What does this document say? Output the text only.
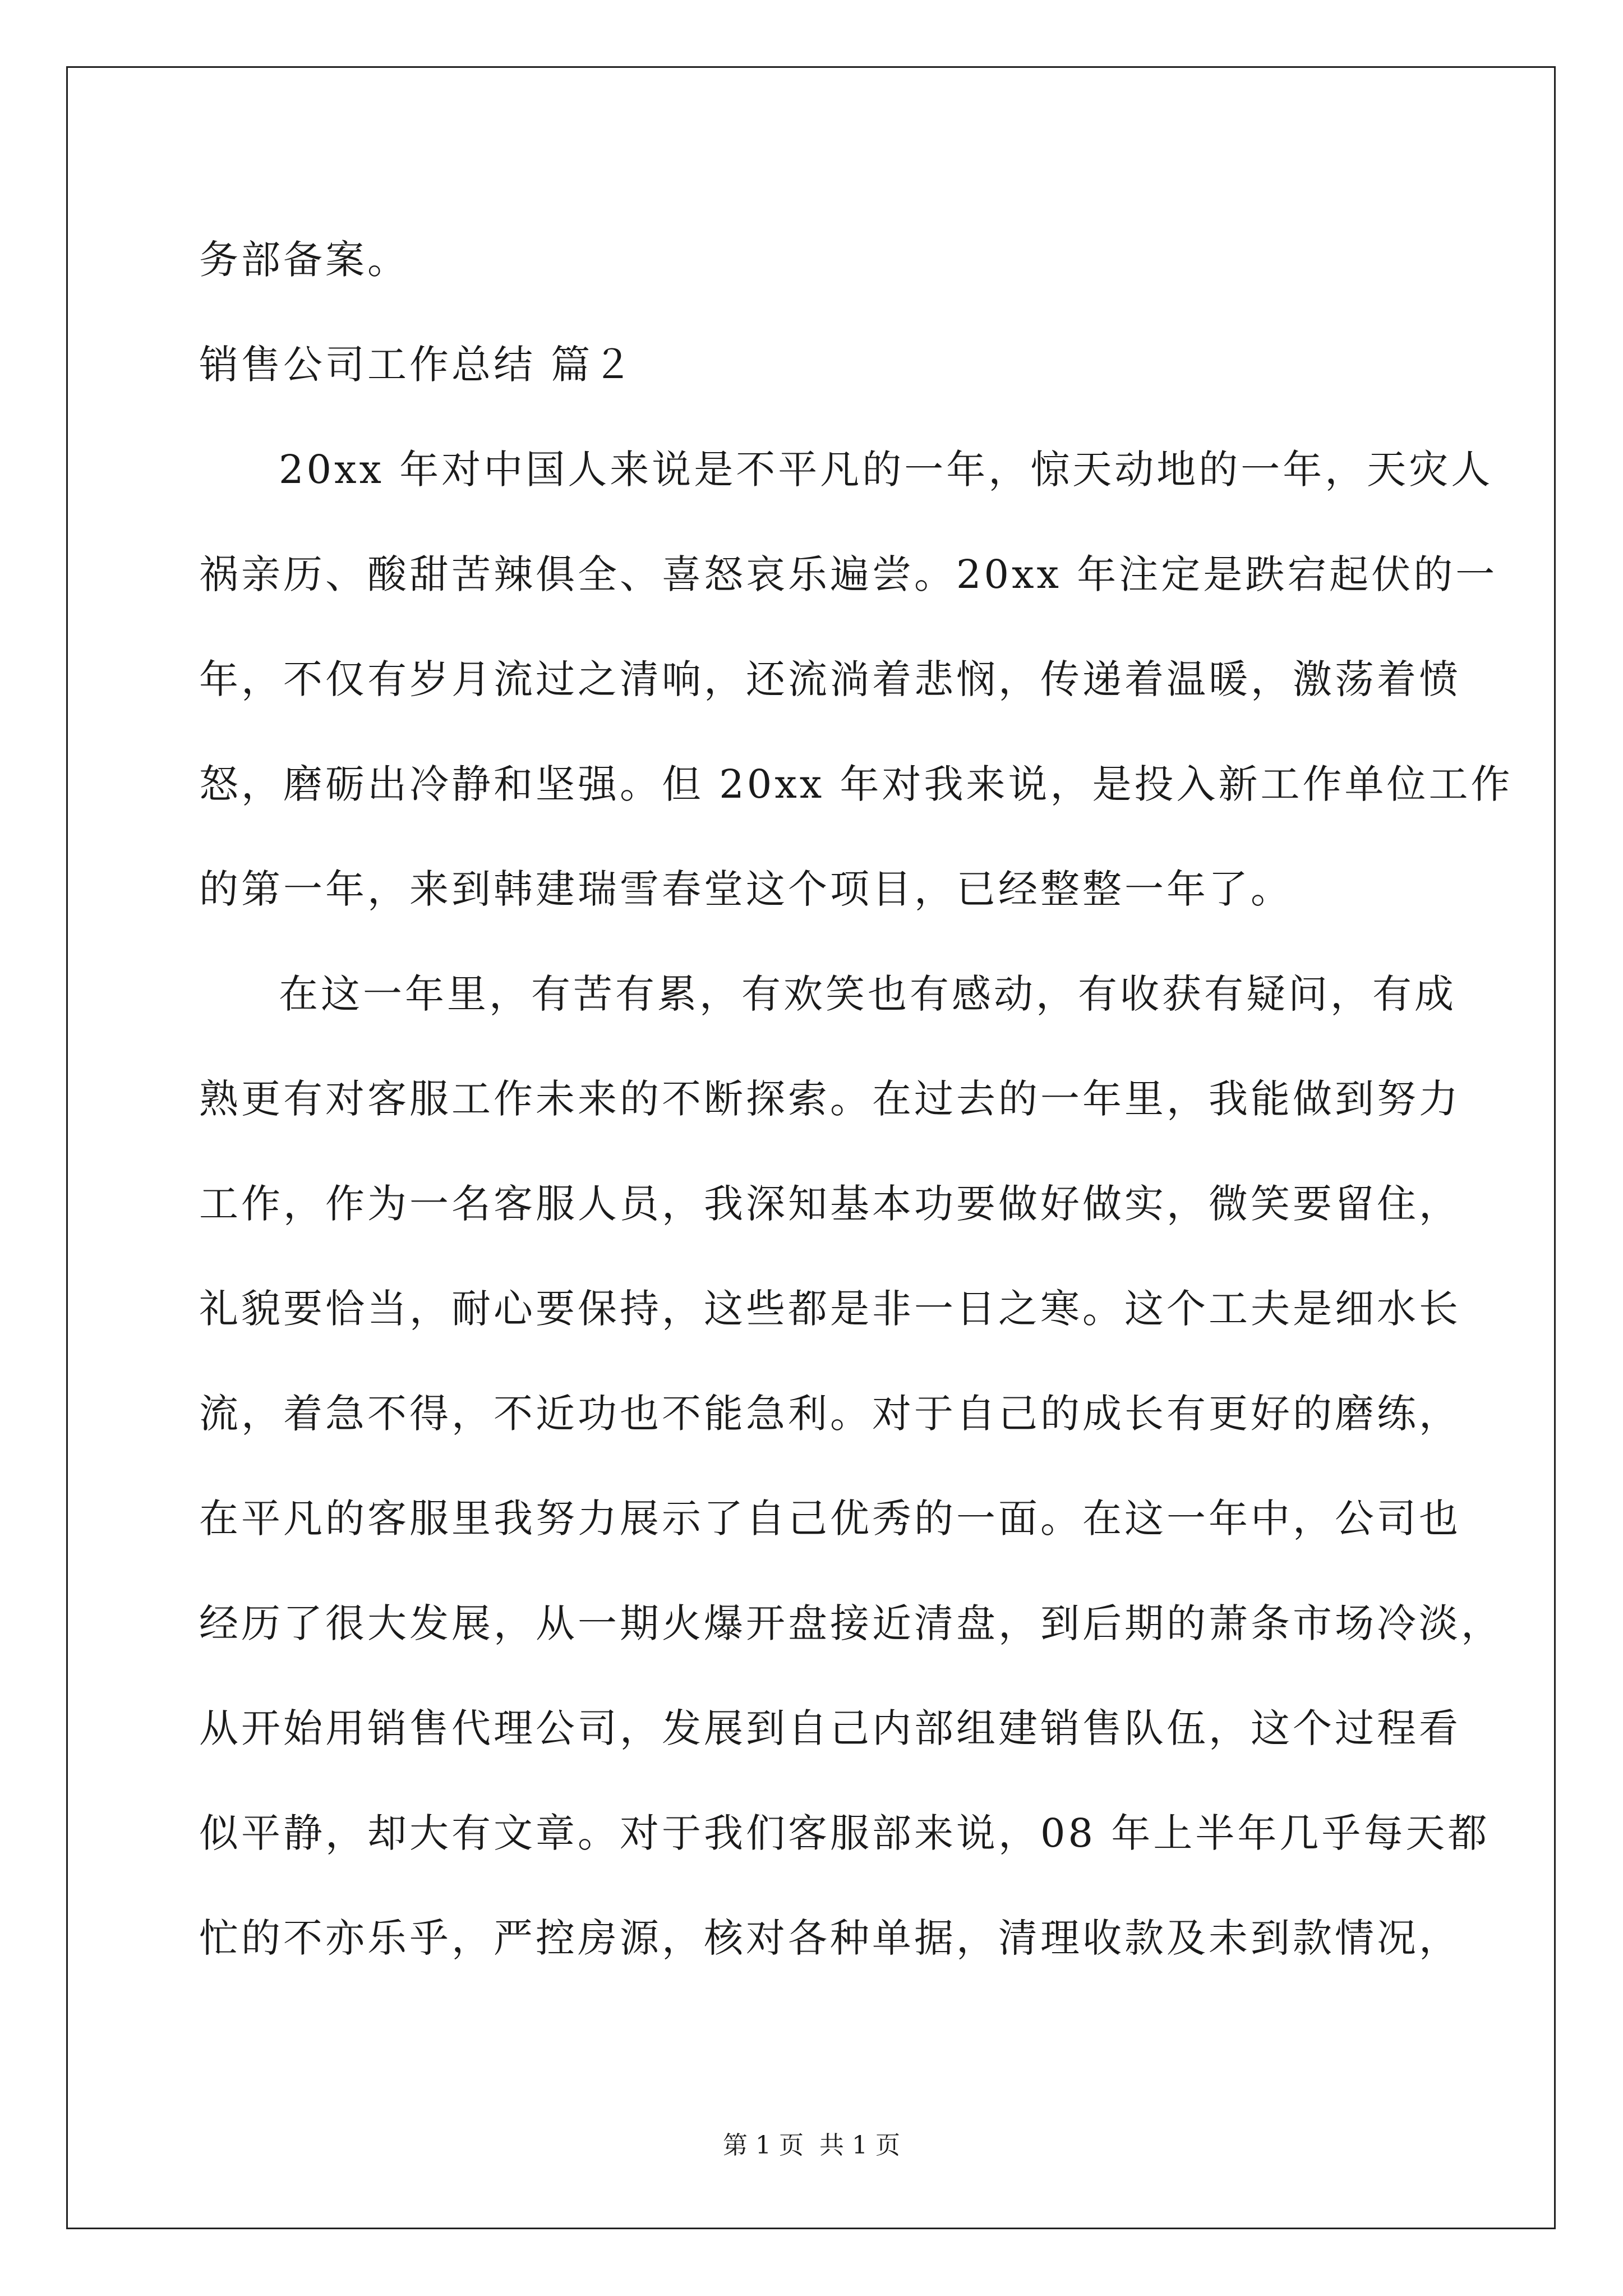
务部备案。
销售公司工作总结 篇２
20xx 年对中国人来说是不平凡的一年，惊天动地的一年，天灾人
祸亲历、酸甜苦辣俱全、喜怒哀乐遍尝。20xx 年注定是跌宕起伏的一
年，不仅有岁月流过之清响，还流淌着悲悯，传递着温暖，激荡着愤
怒，磨砺出冷静和坚强。但 20xx 年对我来说，是投入新工作单位工作
的第一年，来到韩建瑞雪春堂这个项目，已经整整一年了。
在这一年里，有苦有累，有欢笑也有感动，有收获有疑问，有成
熟更有对客服工作未来的不断探索。在过去的一年里，我能做到努力
工作，作为一名客服人员，我深知基本功要做好做实，微笑要留住，
礼貌要恰当，耐心要保持，这些都是非一日之寒。这个工夫是细水长
流，着急不得，不近功也不能急利。对于自己的成长有更好的磨练，
在平凡的客服里我努力展示了自己优秀的一面。在这一年中，公司也
经历了很大发展，从一期火爆开盘接近清盘，到后期的萧条市场冷淡，
从开始用销售代理公司，发展到自己内部组建销售队伍，这个过程看
似平静，却大有文章。对于我们客服部来说，08 年上半年几乎每天都
忙的不亦乐乎，严控房源，核对各种单据，清理收款及未到款情况，
第 1 页 共 1 页
